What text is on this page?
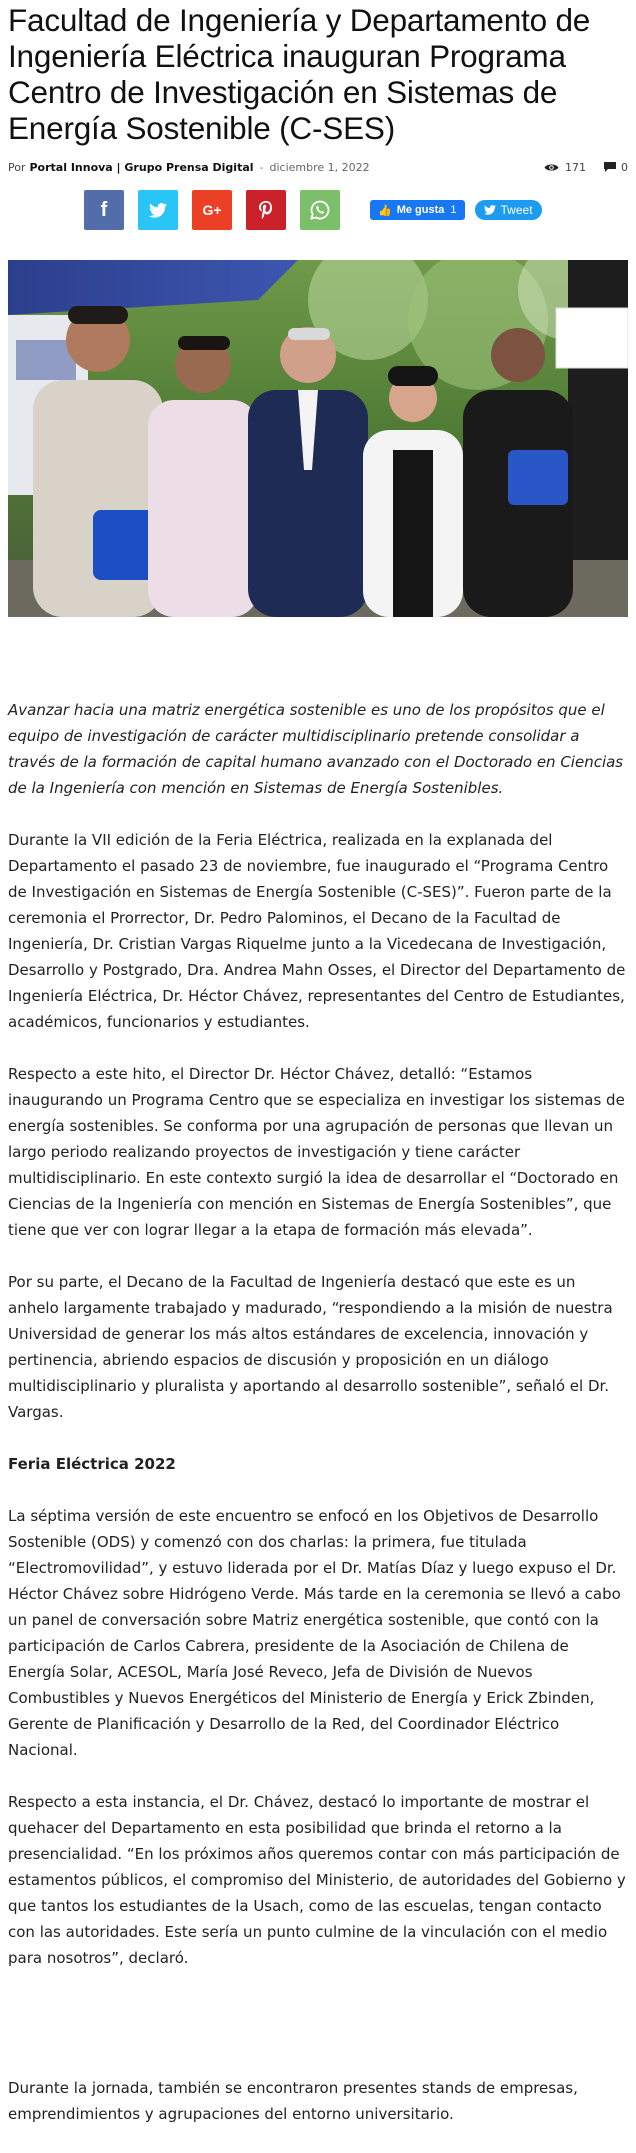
Facultad de Ingeniería y Departamento de Ingeniería Eléctrica inauguran Programa Centro de Investigación en Sistemas de Energía Sostenible (C-SES)
Por Portal Innova | Grupo Prensa Digital - diciembre 1, 2022	171	0
f	G+	👍 Me gusta 1	Tweet

Avanzar hacia una matriz energética sostenible es uno de los propósitos que el equipo de investigación de carácter multidisciplinario pretende consolidar a través de la formación de capital humano avanzado con el Doctorado en Ciencias de la Ingeniería con mención en Sistemas de Energía Sostenibles.

Durante la VII edición de la Feria Eléctrica, realizada en la explanada del Departamento el pasado 23 de noviembre, fue inaugurado el “Programa Centro de Investigación en Sistemas de Energía Sostenible (C-SES)”. Fueron parte de la ceremonia el Prorrector, Dr. Pedro Palominos, el Decano de la Facultad de Ingeniería, Dr. Cristian Vargas Riquelme junto a la Vicedecana de Investigación, Desarrollo y Postgrado, Dra. Andrea Mahn Osses, el Director del Departamento de Ingeniería Eléctrica, Dr. Héctor Chávez, representantes del Centro de Estudiantes, académicos, funcionarios y estudiantes.

Respecto a este hito, el Director Dr. Héctor Chávez, detalló: “Estamos inaugurando un Programa Centro que se especializa en investigar los sistemas de energía sostenibles. Se conforma por una agrupación de personas que llevan un largo periodo realizando proyectos de investigación y tiene carácter multidisciplinario. En este contexto surgió la idea de desarrollar el “Doctorado en Ciencias de la Ingeniería con mención en Sistemas de Energía Sostenibles”, que tiene que ver con lograr llegar a la etapa de formación más elevada”.

Por su parte, el Decano de la Facultad de Ingeniería destacó que este es un anhelo largamente trabajado y madurado, “respondiendo a la misión de nuestra Universidad de generar los más altos estándares de excelencia, innovación y pertinencia, abriendo espacios de discusión y proposición en un diálogo multidisciplinario y pluralista y aportando al desarrollo sostenible”, señaló el Dr. Vargas.

Feria Eléctrica 2022

La séptima versión de este encuentro se enfocó en los Objetivos de Desarrollo Sostenible (ODS) y comenzó con dos charlas: la primera, fue titulada “Electromovilidad”, y estuvo liderada por el Dr. Matías Díaz y luego expuso el Dr. Héctor Chávez sobre Hidrógeno Verde. Más tarde en la ceremonia se llevó a cabo un panel de conversación sobre Matriz energética sostenible, que contó con la participación de Carlos Cabrera, presidente de la Asociación de Chilena de Energía Solar, ACESOL, María José Reveco, Jefa de División de Nuevos Combustibles y Nuevos Energéticos del Ministerio de Energía y Erick Zbinden, Gerente de Planificación y Desarrollo de la Red, del Coordinador Eléctrico Nacional.

Respecto a esta instancia, el Dr. Chávez, destacó lo importante de mostrar el quehacer del Departamento en esta posibilidad que brinda el retorno a la presencialidad. “En los próximos años queremos contar con más participación de estamentos públicos, el compromiso del Ministerio, de autoridades del Gobierno y que tantos los estudiantes de la Usach, como de las escuelas, tengan contacto con las autoridades. Este sería un punto culmine de la vinculación con el medio para nosotros”, declaró.

Durante la jornada, también se encontraron presentes stands de empresas, emprendimientos y agrupaciones del entorno universitario.
